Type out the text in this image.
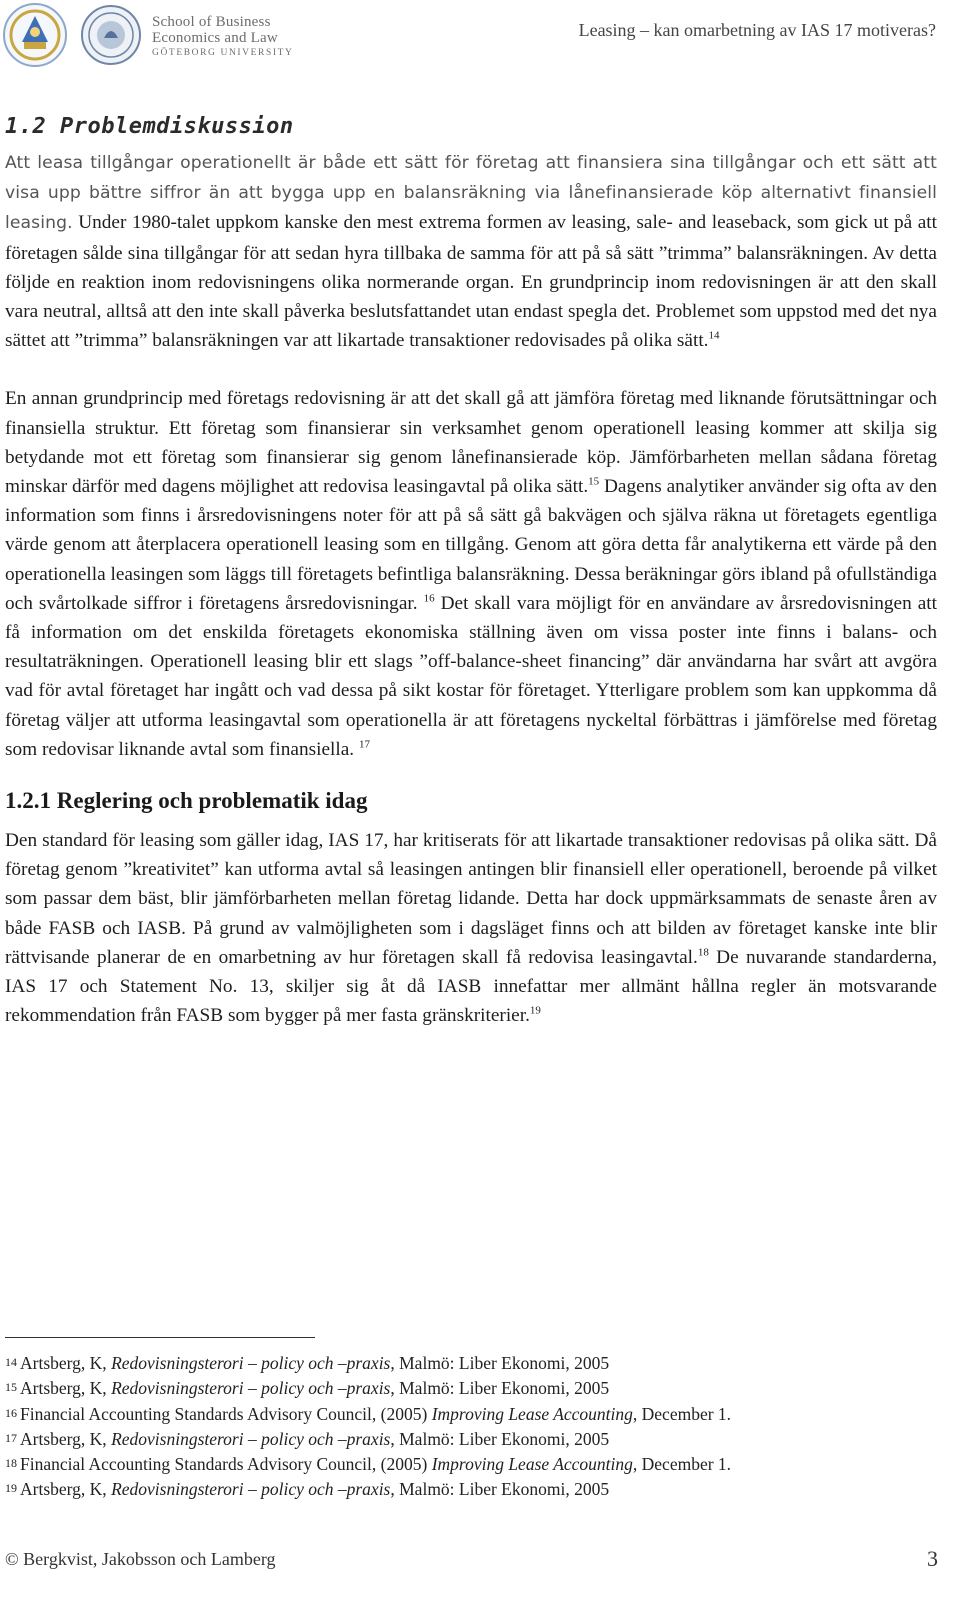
School of Business
Economics and Law
GÖTEBORG UNIVERSITY
Leasing – kan omarbetning av IAS 17 motiveras?
1.2 Problemdiskussion

Att leasa tillgångar operationellt är både ett sätt för företag att finansiera sina tillgångar och ett sätt att visa upp bättre siffror än att bygga upp en balansräkning via lånefinansierade köp alternativt finansiell leasing. Under 1980-talet uppkom kanske den mest extrema formen av leasing, sale- and leaseback, som gick ut på att företagen sålde sina tillgångar för att sedan hyra tillbaka de samma för att på så sätt ”trimma” balansräkningen. Av detta följde en reaktion inom redovisningens olika normerande organ. En grundprincip inom redovisningen är att den skall vara neutral, alltså att den inte skall påverka beslutsfattandet utan endast spegla det. Problemet som uppstod med det nya sättet att ”trimma” balansräkningen var att likartade transaktioner redovisades på olika sätt.$^{14}$

En annan grundprincip med företags redovisning är att det skall gå att jämföra företag med liknande förutsättningar och finansiella struktur. Ett företag som finansierar sin verksamhet genom operationell leasing kommer att skilja sig betydande mot ett företag som finansierar sig genom lånefinansierade köp. Jämförbarheten mellan sådana företag minskar därför med dagens möjlighet att redovisa leasingavtal på olika sätt.$^{15}$ Dagens analytiker använder sig ofta av den information som finns i årsredovisningens noter för att på så sätt gå bakvägen och själva räkna ut företagets egentliga värde genom att återplacera operationell leasing som en tillgång. Genom att göra detta får analytikerna ett värde på den operationella leasingen som läggs till företagets befintliga balansräkning. Dessa beräkningar görs ibland på ofullständiga och svårtolkade siffror i företagens årsredovisningar. $^{16}$ Det skall vara möjligt för en användare av årsredovisningen att få information om det enskilda företagets ekonomiska ställning även om vissa poster inte finns i balans- och resultaträkningen. Operationell leasing blir ett slags ”off-balance-sheet financing” där användarna har svårt att avgöra vad för avtal företaget har ingått och vad dessa på sikt kostar för företaget. Ytterligare problem som kan uppkomma då företag väljer att utforma leasingavtal som operationella är att företagens nyckeltal förbättras i jämförelse med företag som redovisar liknande avtal som finansiella. $^{17}$

1.2.1 Reglering och problematik idag

Den standard för leasing som gäller idag, IAS 17, har kritiserats för att likartade transaktioner redovisas på olika sätt. Då företag genom ”kreativitet” kan utforma avtal så leasingen antingen blir finansiell eller operationell, beroende på vilket som passar dem bäst, blir jämförbarheten mellan företag lidande. Detta har dock uppmärksammats de senaste åren av både FASB och IASB. På grund av valmöjligheten som i dagsläget finns och att bilden av företaget kanske inte blir rättvisande planerar de en omarbetning av hur företagen skall få redovisa leasingavtal.$^{18}$ De nuvarande standarderna, IAS 17 och Statement No. 13, skiljer sig åt då IASB innefattar mer allmänt hållna regler än motsvarande rekommendation från FASB som bygger på mer fasta gränskriterier.$^{19}$

14 Artsberg, K, Redovisningsterori – policy och –praxis, Malmö: Liber Ekonomi, 2005
15 Artsberg, K, Redovisningsterori – policy och –praxis, Malmö: Liber Ekonomi, 2005
16 Financial Accounting Standards Advisory Council, (2005) Improving Lease Accounting, December 1.
17 Artsberg, K, Redovisningsterori – policy och –praxis, Malmö: Liber Ekonomi, 2005
18 Financial Accounting Standards Advisory Council, (2005) Improving Lease Accounting, December 1.
19 Artsberg, K, Redovisningsterori – policy och –praxis, Malmö: Liber Ekonomi, 2005
© Bergkvist, Jakobsson och Lamberg	3
